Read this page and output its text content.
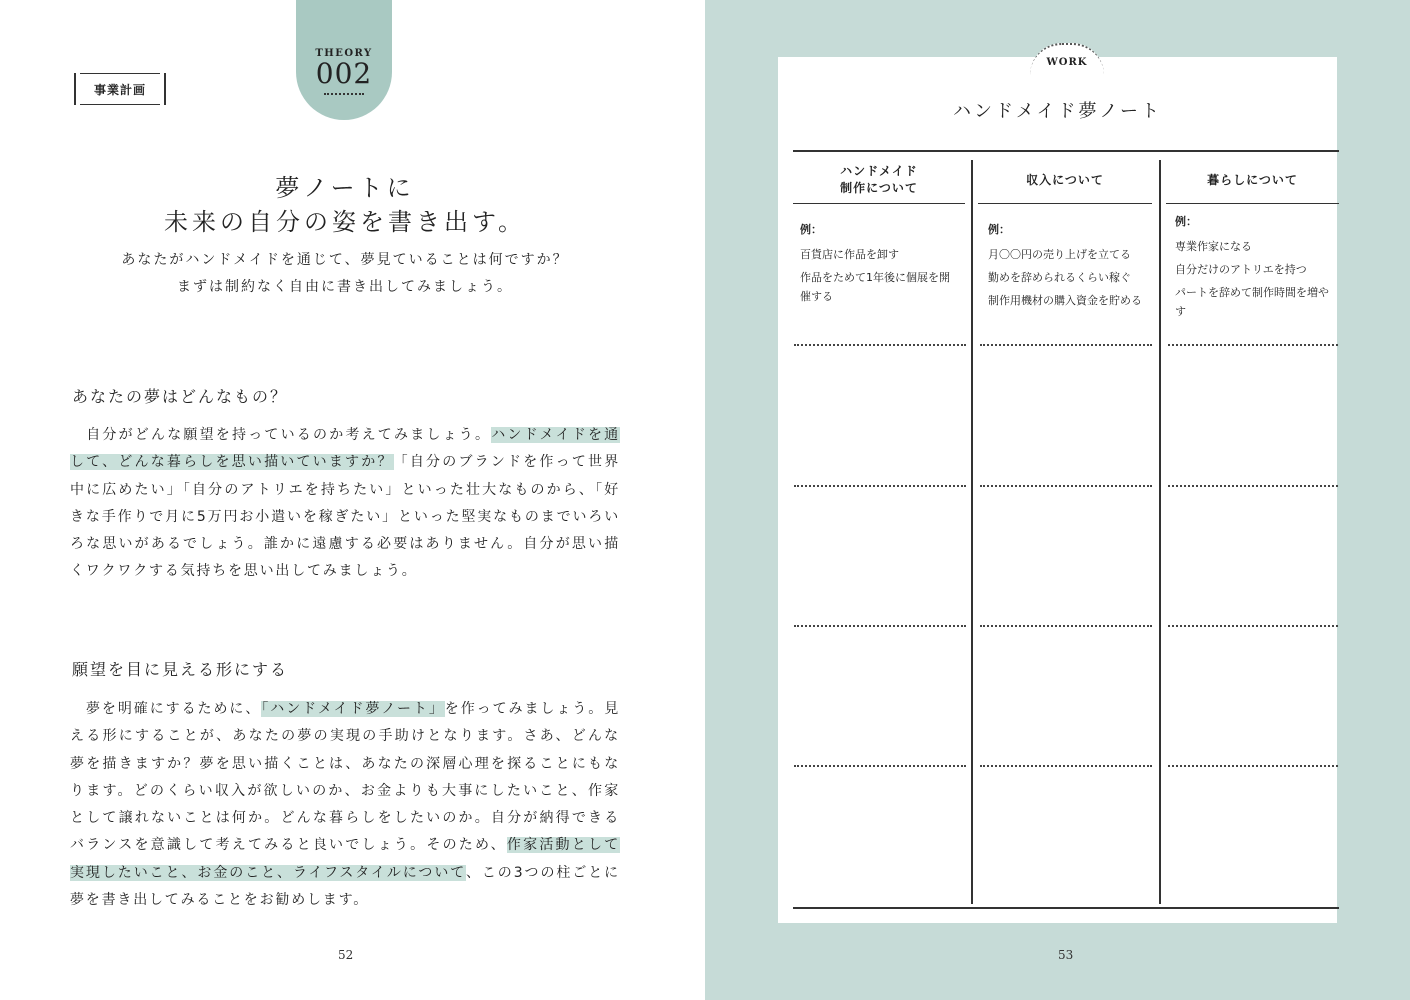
事業計画
THEORY
002
夢ノートに
未来の自分の姿を書き出す。
あなたがハンドメイドを通じて、夢見ていることは何ですか？
まずは制約なく自由に書き出してみましょう。
あなたの夢はどんなもの？

　自分がどんな願望を持っているのか考えてみましょう。ハンドメイドを通して、どんな暮らしを思い描いていますか？「自分のブランドを作って世界中に広めたい」「自分のアトリエを持ちたい」といった壮大なものから、「好きな手作りで月に5万円お小遣いを稼ぎたい」といった堅実なものまでいろいろな思いがあるでしょう。誰かに遠慮する必要はありません。自分が思い描くワクワクする気持ちを思い出してみましょう。

願望を目に見える形にする

　夢を明確にするために、「ハンドメイド夢ノート」を作ってみましょう。見える形にすることが、あなたの夢の実現の手助けとなります。さあ、どんな夢を描きますか？夢を思い描くことは、あなたの深層心理を探ることにもなります。どのくらい収入が欲しいのか、お金よりも大事にしたいこと、作家として譲れないことは何か。どんな暮らしをしたいのか。自分が納得できるバランスを意識して考えてみると良いでしょう。そのため、作家活動として実現したいこと、お金のこと、ライフスタイルについて、この3つの柱ごとに夢を書き出してみることをお勧めします。

52
WORK
ハンドメイド夢ノート
ハンドメイド
制作について
例：

百貨店に作品を卸す

作品をためて1年後に個展を開催する

収入について
例：

月〇〇円の売り上げを立てる

勤めを辞められるくらい稼ぐ

制作用機材の購入資金を貯める

暮らしについて
例：

専業作家になる

自分だけのアトリエを持つ

パートを辞めて制作時間を増やす

53
